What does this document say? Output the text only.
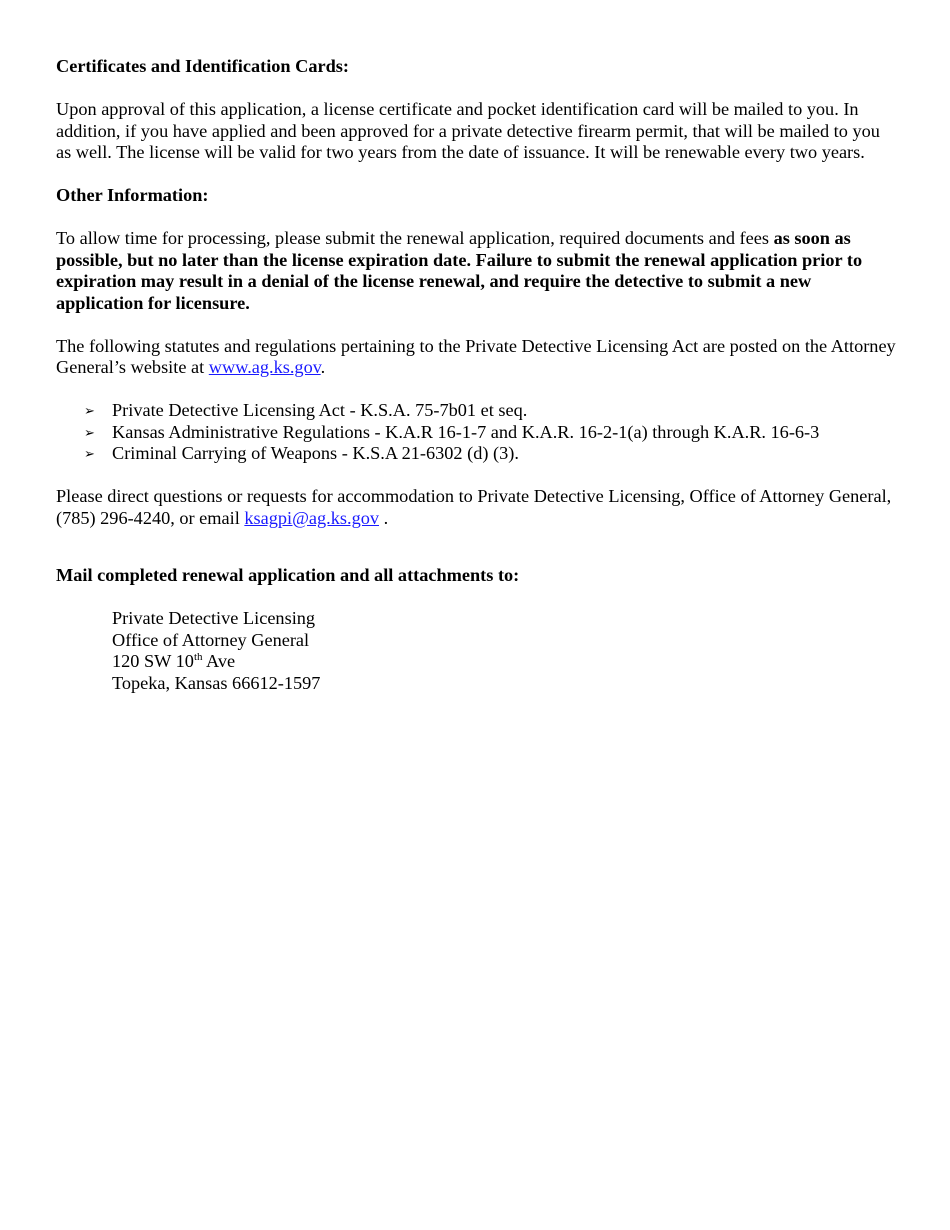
Certificates and Identification Cards:

Upon approval of this application, a license certificate and pocket identification card will be mailed to you. In addition, if you have applied and been approved for a private detective firearm permit, that will be mailed to you as well. The license will be valid for two years from the date of issuance. It will be renewable every two years.

Other Information:

To allow time for processing, please submit the renewal application, required documents and fees as soon as possible, but no later than the license expiration date. Failure to submit the renewal application prior to expiration may result in a denial of the license renewal, and require the detective to submit a new application for licensure.

The following statutes and regulations pertaining to the Private Detective Licensing Act are posted on the Attorney General’s website at www.ag.ks.gov.

➢ Private Detective Licensing Act - K.S.A. 75-7b01 et seq.
➢ Kansas Administrative Regulations - K.A.R 16-1-7 and K.A.R. 16-2-1(a) through K.A.R. 16-6-3
➢ Criminal Carrying of Weapons - K.S.A 21-6302 (d) (3).

Please direct questions or requests for accommodation to Private Detective Licensing, Office of Attorney General, (785) 296-4240, or email ksagpi@ag.ks.gov .

Mail completed renewal application and all attachments to:

Private Detective Licensing
Office of Attorney General
120 SW 10th Ave
Topeka, Kansas 66612-1597
